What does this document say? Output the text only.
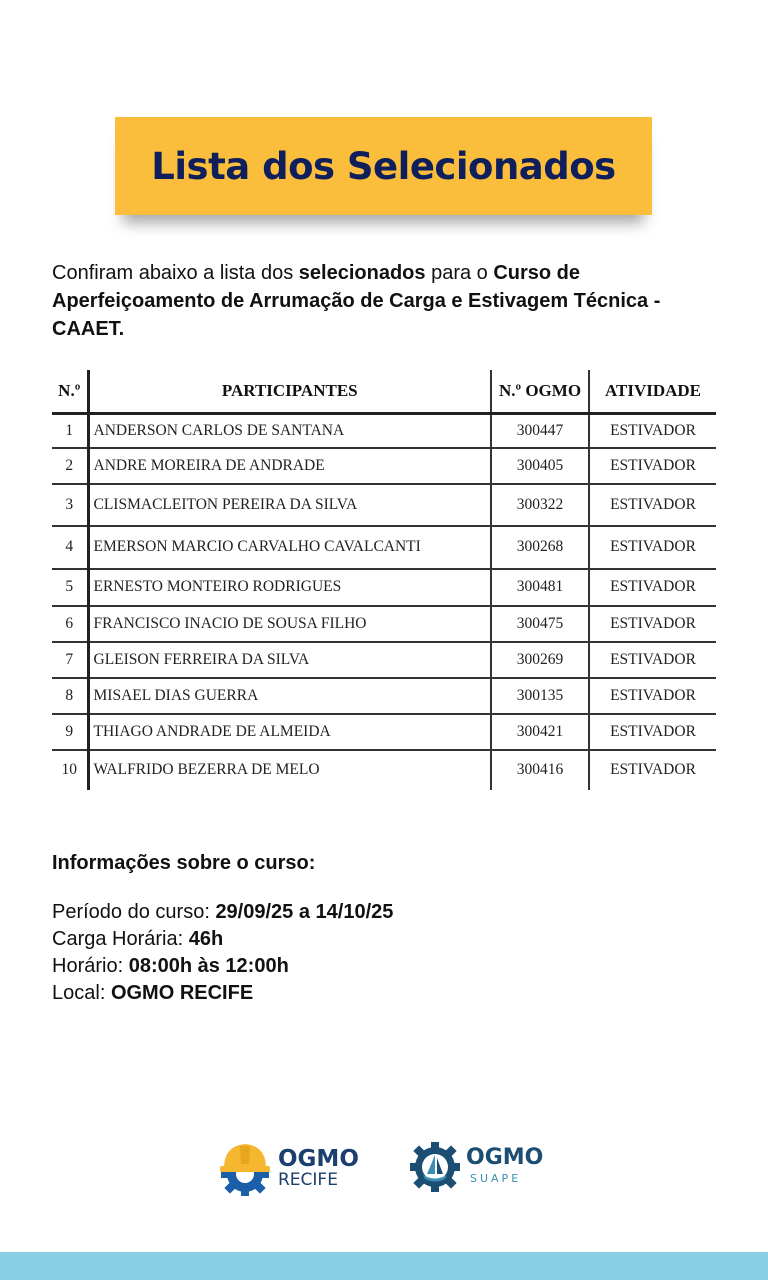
Lista dos Selecionados

Confiram abaixo a lista dos selecionados para o Curso de Aperfeiçoamento de Arrumação de Carga e Estivagem Técnica - CAAET.

N.º	PARTICIPANTES	N.º OGMO	ATIVIDADE
1	ANDERSON CARLOS DE SANTANA	300447	ESTIVADOR
2	ANDRE MOREIRA DE ANDRADE	300405	ESTIVADOR
3	CLISMACLEITON PEREIRA DA SILVA	300322	ESTIVADOR
4	EMERSON MARCIO CARVALHO CAVALCANTI	300268	ESTIVADOR
5	ERNESTO MONTEIRO RODRIGUES	300481	ESTIVADOR
6	FRANCISCO INACIO DE SOUSA FILHO	300475	ESTIVADOR
7	GLEISON FERREIRA DA SILVA	300269	ESTIVADOR
8	MISAEL DIAS GUERRA	300135	ESTIVADOR
9	THIAGO ANDRADE DE ALMEIDA	300421	ESTIVADOR
10	WALFRIDO BEZERRA DE MELO	300416	ESTIVADOR
Informações sobre o curso:
Período do curso: 29/09/25 a 14/10/25
Carga Horária: 46h
Horário: 08:00h às 12:00h
Local: OGMO RECIFE
OGMO
RECIFE
OGMO
SUAPE
